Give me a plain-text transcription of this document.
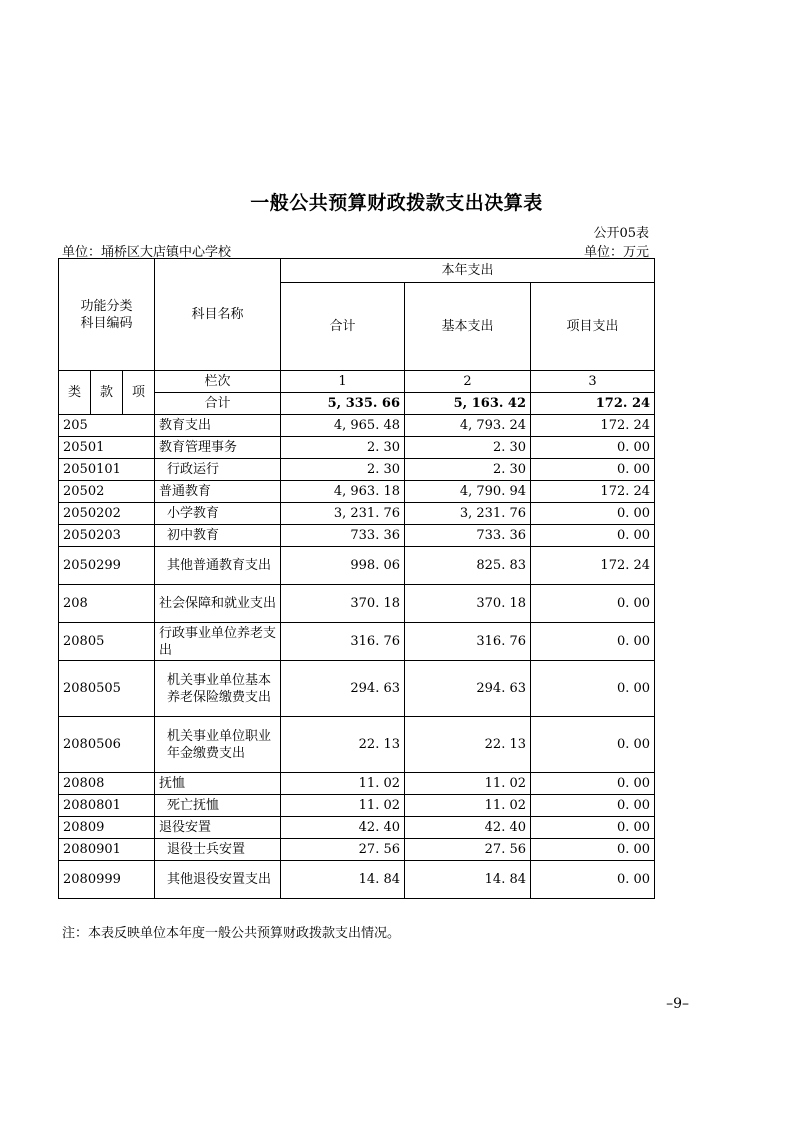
一般公共预算财政拨款支出决算表
公开05表
单位：埇桥区大店镇中心学校	单位：万元
功能分类科目编码			科目名称	本年支出		
				合计	基本支出	项目支出

类	款	项	栏次	1	2	3
			合计	5, 335. 66	5, 163. 42	172. 24
205			教育支出	4, 965. 48	4, 793. 24	172. 24
20501			教育管理事务	2. 30	2. 30	0. 00
2050101			行政运行	2. 30	2. 30	0. 00
20502			普通教育	4, 963. 18	4, 790. 94	172. 24
2050202			小学教育	3, 231. 76	3, 231. 76	0. 00
2050203			初中教育	733. 36	733. 36	0. 00
2050299			其他普通教育支出	998. 06	825. 83	172. 24
208			社会保障和就业支出	370. 18	370. 18	0. 00
20805			行政事业单位养老支出	316. 76	316. 76	0. 00
2080505			机关事业单位基本养老保险缴费支出	294. 63	294. 63	0. 00
2080506			机关事业单位职业年金缴费支出	22. 13	22. 13	0. 00
20808			抚恤	11. 02	11. 02	0. 00
2080801			死亡抚恤	11. 02	11. 02	0. 00
20809			退役安置	42. 40	42. 40	0. 00
2080901			退役士兵安置	27. 56	27. 56	0. 00
2080999			其他退役安置支出	14. 84	14. 84	0. 00
注：本表反映单位本年度一般公共预算财政拨款支出情况。
–9–
